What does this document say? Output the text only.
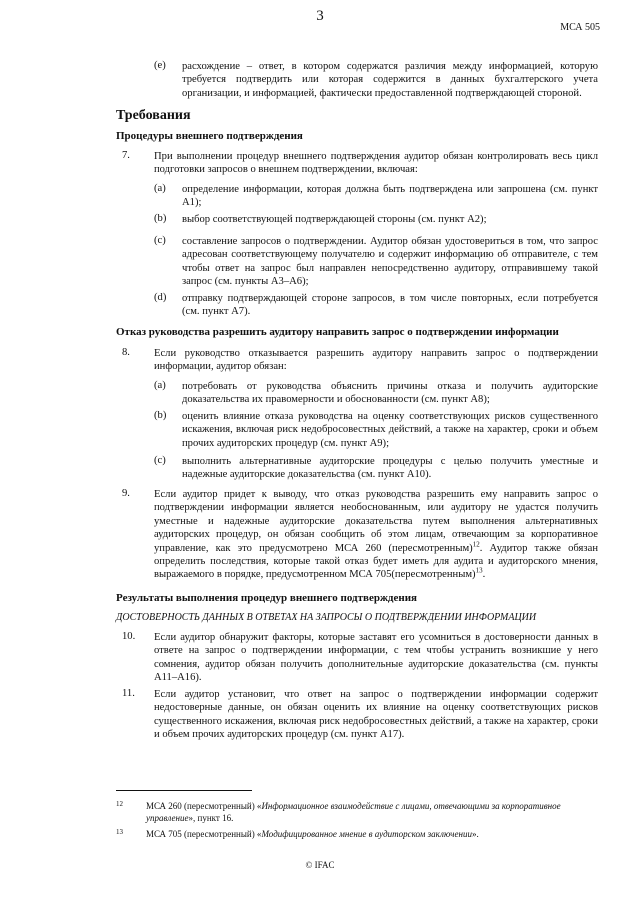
3
МСА 505
(e) расхождение – ответ, в котором содержатся различия между информацией, которую требуется подтвердить или которая содержится в данных бухгалтерского учета организации, и информацией, фактически предоставленной подтверждающей стороной.
Требования
Процедуры внешнего подтверждения
7. При выполнении процедур внешнего подтверждения аудитор обязан контролировать весь цикл подготовки запросов о внешнем подтверждении, включая:
(a) определение информации, которая должна быть подтверждена или запрошена (см. пункт A1);
(b) выбор соответствующей подтверждающей стороны (см. пункт A2);
(c) составление запросов о подтверждении. Аудитор обязан удостовериться в том, что запрос адресован соответствующему получателю и содержит информацию об отправителе, с тем чтобы ответ на запрос был направлен непосредственно аудитору, отправившему такой запрос (см. пункты A3–A6);
(d) отправку подтверждающей стороне запросов, в том числе повторных, если потребуется (см. пункт A7).
Отказ руководства разрешить аудитору направить запрос о подтверждении информации
8. Если руководство отказывается разрешить аудитору направить запрос о подтверждении информации, аудитор обязан:
(a) потребовать от руководства объяснить причины отказа и получить аудиторские доказательства их правомерности и обоснованности (см. пункт A8);
(b) оценить влияние отказа руководства на оценку соответствующих рисков существенного искажения, включая риск недобросовестных действий, а также на характер, сроки и объем прочих аудиторских процедур (см. пункт A9);
(c) выполнить альтернативные аудиторские процедуры с целью получить уместные и надежные аудиторские доказательства (см. пункт A10).
9. Если аудитор придет к выводу, что отказ руководства разрешить ему направить запрос о подтверждении информации является необоснованным, или аудитору не удастся получить уместные и надежные аудиторские доказательства путем выполнения альтернативных аудиторских процедур, он обязан сообщить об этом лицам, отвечающим за корпоративное управление, как это предусмотрено МСА 260 (пересмотренным)$^{12}$. Аудитор также обязан определить последствия, которые такой отказ будет иметь для аудита и аудиторского мнения, выражаемого в порядке, предусмотренном МСА 705(пересмотренным)$^{13}$.
Результаты выполнения процедур внешнего подтверждения
ДОСТОВЕРНОСТЬ ДАННЫХ В ОТВЕТАХ НА ЗАПРОСЫ О ПОДТВЕРЖДЕНИИ ИНФОРМАЦИИ
10. Если аудитор обнаружит факторы, которые заставят его усомниться в достоверности данных в ответе на запрос о подтверждении информации, с тем чтобы устранить возникшие у него сомнения, аудитор обязан получить дополнительные аудиторские доказательства (см. пункты A11–A16).
11. Если аудитор установит, что ответ на запрос о подтверждении информации содержит недостоверные данные, он обязан оценить их влияние на оценку соответствующих рисков существенного искажения, включая риск недобросовестных действий, а также на характер, сроки и объем прочих аудиторских процедур (см. пункт A17).
12	МСА 260 (пересмотренный) «Информационное взаимодействие с лицами, отвечающими за корпоративное управление», пункт 16.
13	МСА 705 (пересмотренный) «Модифицированное мнение в аудиторском заключении».
© IFAC
